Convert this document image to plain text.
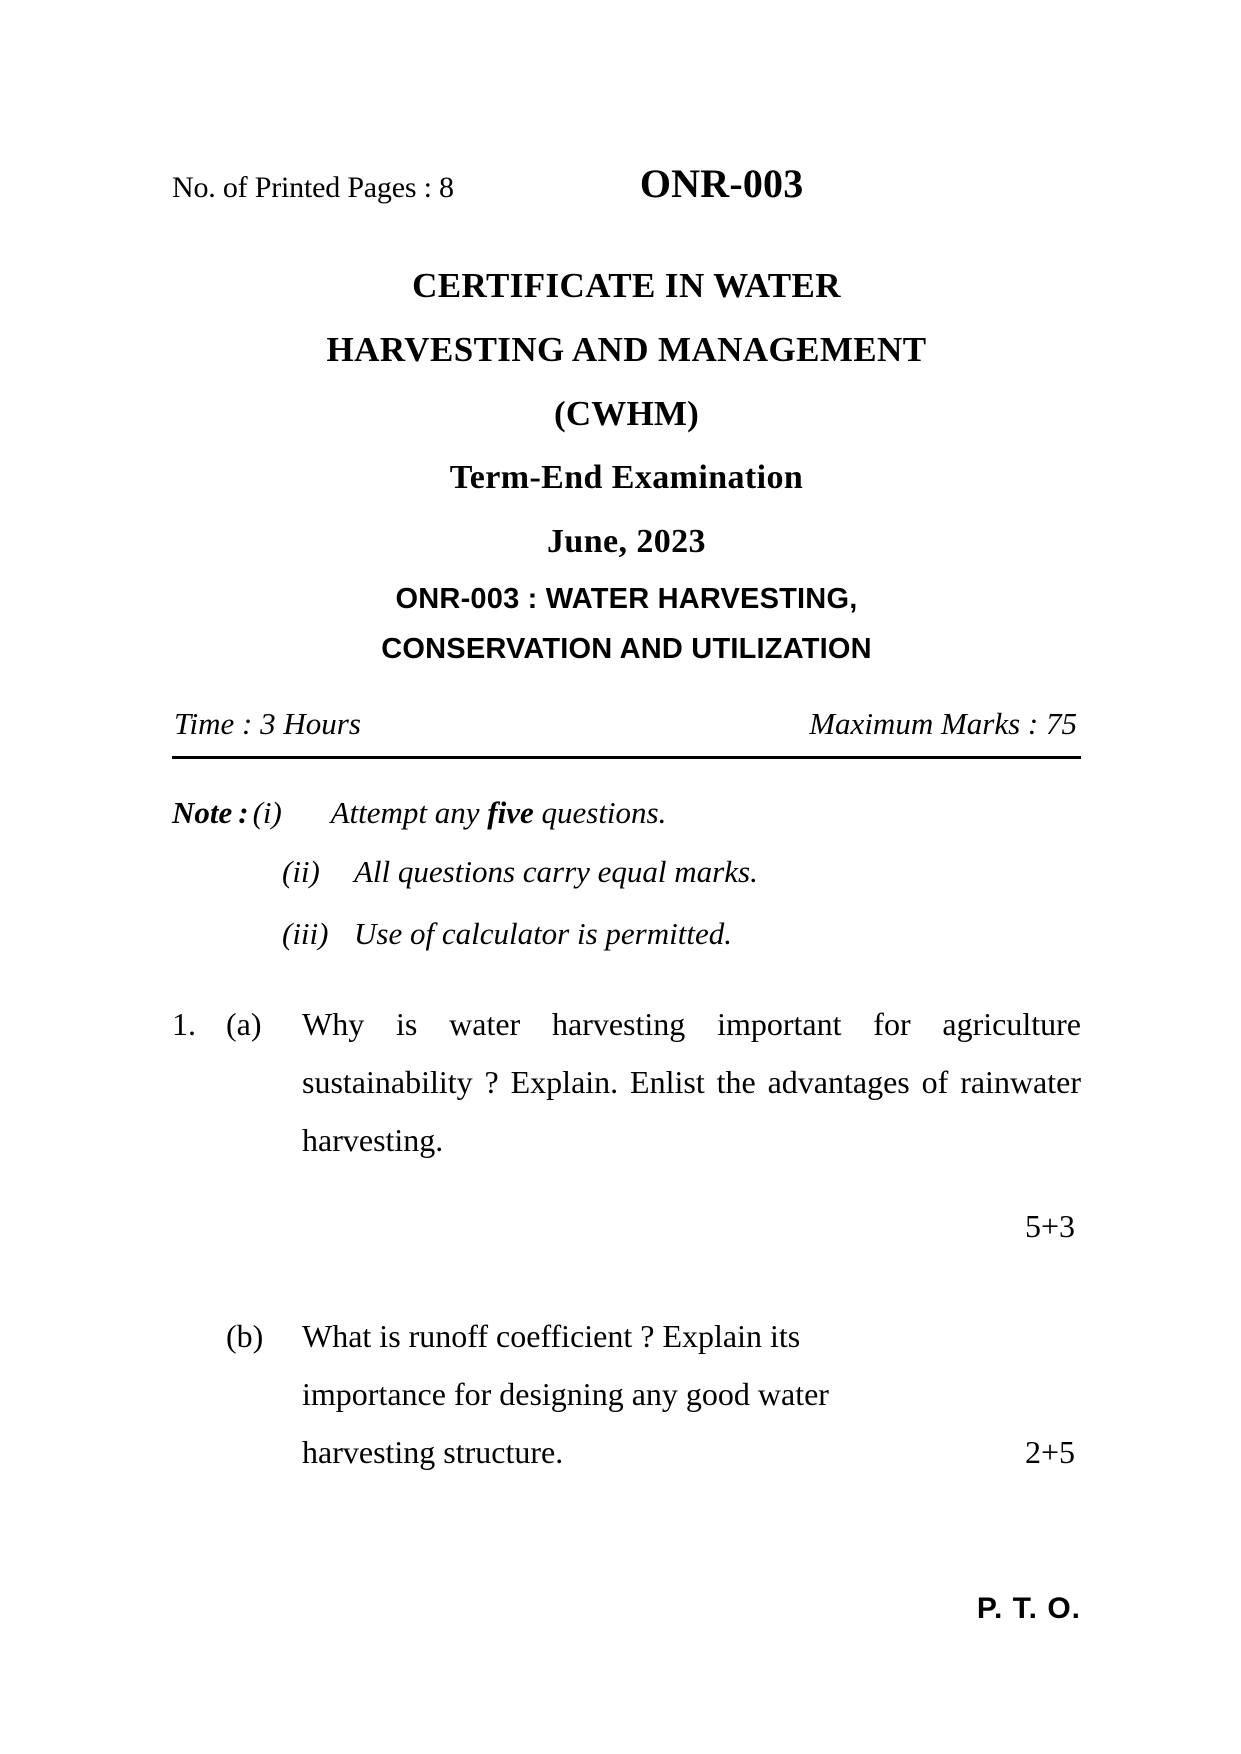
No. of Printed Pages : 8	ONR-003
CERTIFICATE IN WATER
HARVESTING AND MANAGEMENT
(CWHM)
Term-End Examination
June, 2023
ONR-003 : WATER HARVESTING,
CONSERVATION AND UTILIZATION
Time : 3 Hours	Maximum Marks : 75
Note : (i)	Attempt any five questions.
(ii)	All questions carry equal marks.
(iii) Use of calculator is permitted.
1. (a)	Why is water harvesting important for agriculture sustainability ? Explain. Enlist the advantages of rainwater harvesting.
5+3
(b)	What is runoff coefficient ? Explain its
importance for designing any good water
harvesting structure.	2+5
P. T. O.
